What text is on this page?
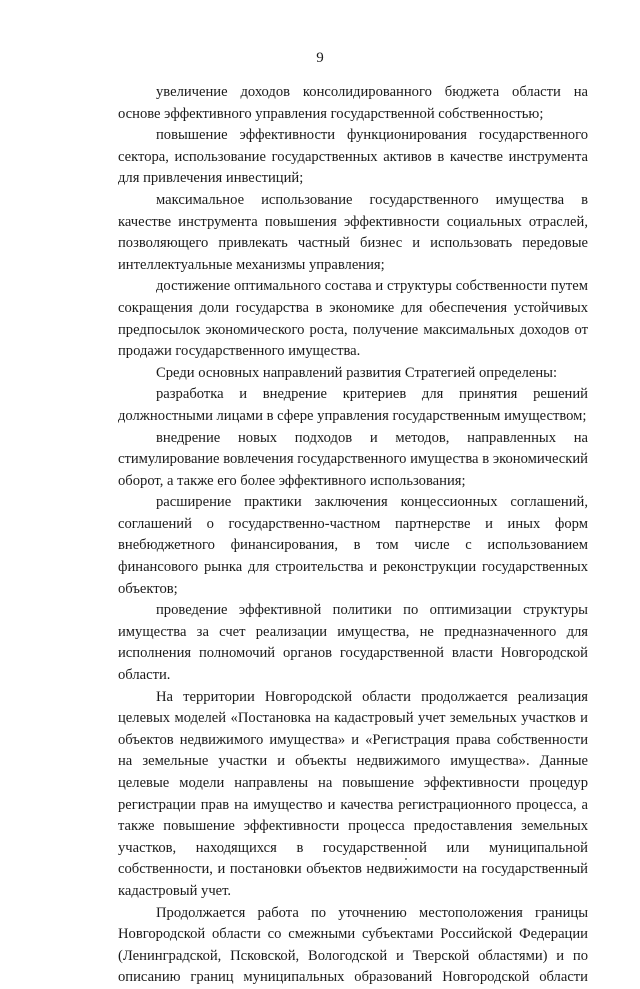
9

увеличение доходов консолидированного бюджета области на основе эффективного управления государственной собственностью;

повышение эффективности функционирования государственного сектора, использование государственных активов в качестве инструмента для привлечения инвестиций;

максимальное использование государственного имущества в качестве инструмента повышения эффективности социальных отраслей, позволяющего привлекать частный бизнес и использовать передовые интеллектуальные механизмы управления;

достижение оптимального состава и структуры собственности путем сокращения доли государства в экономике для обеспечения устойчивых предпосылок экономического роста, получение максимальных доходов от продажи государственного имущества.

Среди основных направлений развития Стратегией определены:

разработка и внедрение критериев для принятия решений должностными лицами в сфере управления государственным имуществом;

внедрение новых подходов и методов, направленных на стимулирование вовлечения государственного имущества в экономический оборот, а также его более эффективного использования;

расширение практики заключения концессионных соглашений, соглашений о государственно-частном партнерстве и иных форм внебюджетного финансирования, в том числе с использованием финансового рынка для строительства и реконструкции государственных объектов;

проведение эффективной политики по оптимизации структуры имущества за счет реализации имущества, не предназначенного для исполнения полномочий органов государственной власти Новгородской области.

На территории Новгородской области продолжается реализация целевых моделей «Постановка на кадастровый учет земельных участков и объектов недвижимого имущества» и «Регистрация права собственности на земельные участки и объекты недвижимого имущества». Данные целевые модели направлены на повышение эффективности процедур регистрации прав на имущество и качества регистрационного процесса, а также повышение эффективности процесса предоставления земельных участков, находящихся в государственной или муниципальной собственности, и постановки объектов недвижимости на государственный кадастровый учет.

Продолжается работа по уточнению местоположения границы Новгородской области со смежными субъектами Российской Федерации (Ленинградской, Псковской, Вологодской и Тверской областями) и по описанию границ муниципальных образований Новгородской области
